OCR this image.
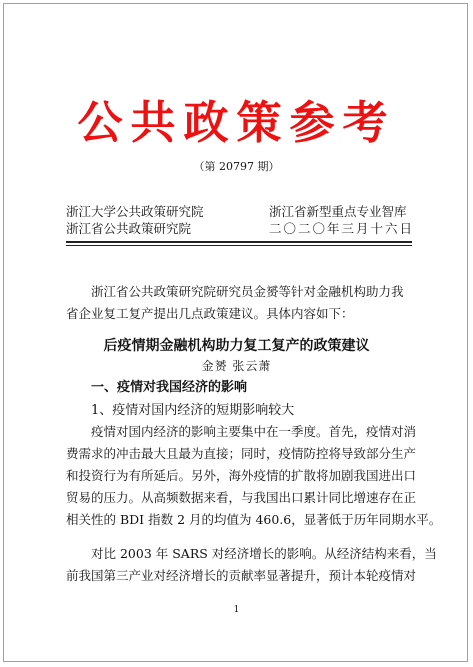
公共政策参考
（第 20797 期）
浙江大学公共政策研究院	浙江省新型重点专业智库
浙江省公共政策研究院	二〇二〇年三月十六日

浙江省公共政策研究院研究员金赟等针对金融机构助力我

省企业复工复产提出几点政策建议。具体内容如下：

后疫情期金融机构助力复工复产的政策建议
金赟 张云萧
一、疫情对我国经济的影响
1、疫情对国内经济的短期影响较大

疫情对国内经济的影响主要集中在一季度。首先，疫情对消

费需求的冲击最大且最为直接；同时，疫情防控将导致部分生产

和投资行为有所延后。另外，海外疫情的扩散将加剧我国进出口

贸易的压力。从高频数据来看，与我国出口累计同比增速存在正

相关性的 BDI 指数 2 月的均值为 460.6，显著低于历年同期水平。

对比 2003 年 SARS 对经济增长的影响。从经济结构来看，当

前我国第三产业对经济增长的贡献率显著提升，预计本轮疫情对

1
